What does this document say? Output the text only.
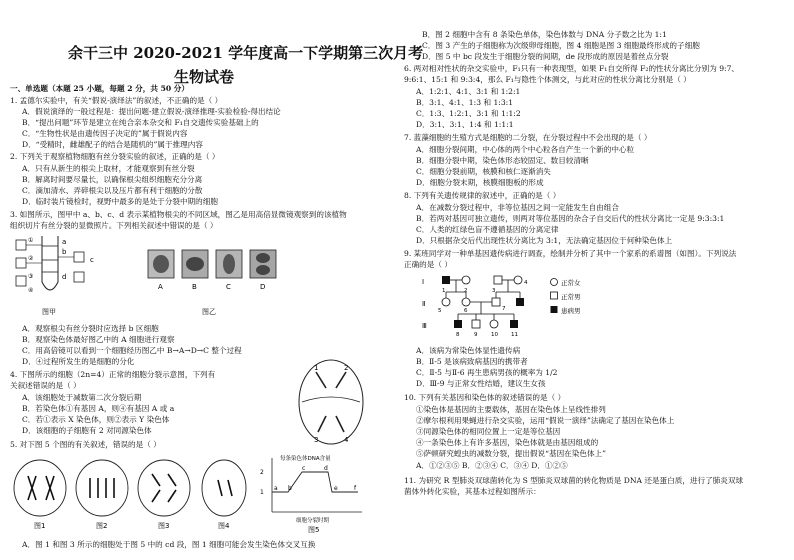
余干三中 2020-2021 学年度高一下学期第三次月考
生物试卷
一、单选题（本题 25 小题，每题 2 分，共 50 分）
1. 孟德尔实验中，有关“假说-演绎法”的叙述，不正确的是（ ）
A．假说演绎的一般过程是：提出问题-建立假说-演绎推理-实验检验-得出结论
B．“提出问题”环节是建立在纯合亲本杂交和 F₁自交遗传实验基础上的
C．“生物性状是由遗传因子决定的”属于假说内容
D．“受精时，雌雄配子的结合是随机的”属于推理内容
2. 下列关于观察植物细胞有丝分裂实验的叙述，正确的是（ ）
A．只有从新生的根尖上取材，才能观察到有丝分裂
B．解离时间要尽量长，以确保根尖组织细胞充分分离
C．滴加清水、弄碎根尖以及压片都有利于细胞的分散
D．临时装片镜检时，视野中最多的是处于分裂中期的细胞
3. 如图所示，图甲中 a、b、c、d 表示某植物根尖的不同区域，图乙是用高倍显微镜观察到的该植物
组织切片有丝分裂的显微照片。下列相关叙述中错误的是（ ）
a
b
c
d
①
②
③
④
图甲
A	B	C	D
图乙
A．观察根尖有丝分裂时应选择 b 区细胞
B．观察染色体最好图乙中的 A 细胞进行观察
C．用高倍镜可以看到一个细胞经历图乙中 B→A→D→C 整个过程
D．④过程所发生的是细胞的分化
4. 下图所示的细胞（2n=4）正常的细胞分裂示意图，下列有
关叙述错误的是（ ）
A．该细胞处于减数第二次分裂后期
B．若染色体①有基因 A，则④有基因 A 或 a
C．若①表示 X 染色体，则②表示 Y 染色体
D．该细胞的子细胞有 2 对同源染色体
1	2
3	4
5. 对下图 5 个图的有关叙述，错误的是（ ）
图1	图2	图3	图4
1
2
a b
c	d
e	f
每条染色体DNA含量
细胞分裂时期
图5
A．图 1 和图 3 所示的细胞处于图 5 中的 cd 段，图 1 细胞可能会发生染色体交叉互换
B．图 2 细胞中含有 8 条染色单体，染色体数与 DNA 分子数之比为 1:1
C．图 3 产生的子细胞称为次级卵母细胞，图 4 细胞是图 3 细胞最终形成的子细胞
D．图 5 中 bc 段发生于细胞分裂的间期，de 段形成的原因是着丝点分裂
6. 两对相对性状的杂交实验中，F₁只有一种表现型，如果 F₁自交所得 F₂的性状分离比分别为 9:7、
9:6:1、15:1 和 9:3:4，那么 F₁与隐性个体测交，与此对应的性状分离比分别是（ ）
A．1:2:1、4:1、3:1 和 1:2:1
B．3:1、4:1、1:3 和 1:3:1
C．1:3、1:2:1、3:1 和 1:1:2
D．3:1、3:1、1:4 和 1:1:1
7. 蓝藻细胞的生殖方式是细胞的二分裂，在分裂过程中不会出现的是（ ）
A．细胞分裂间期，中心体的两个中心粒各自产生一个新的中心粒
B．细胞分裂中期，染色体形态较固定、数目较清晰
C．细胞分裂前期，核膜和核仁逐渐消失
D．细胞分裂末期，核膜细胞板的形成
8. 下列有关遗传规律的叙述中，正确的是（ ）
A．在减数分裂过程中，非等位基因之间一定能发生自由组合
B．若两对基因可独立遗传，则两对等位基因的杂合子自交后代的性状分离比一定是 9:3:3:1
C．人类的红绿色盲不遵循基因的分离定律
D．只根据杂交后代出现性状分离比为 3:1，无法确定基因位于何种染色体上
9. 某班同学对一种单基因遗传病进行调查，绘制并分析了其中一个家系的系谱图（如图）。下列说法
正确的是（ ）
Ⅰ
Ⅱ
Ⅲ
1	2	3
4
5	6	7
8	9 10 11
正常女
正常男
患病男
A．该病为常染色体显性遗传病
B．Ⅱ-5 是该病致病基因的携带者
C．Ⅱ-5 与Ⅱ-6 再生患病男孩的概率为 1/2
D．Ⅲ-9 与正常女性结婚，建议生女孩
10. 下列有关基因和染色体的叙述错误的是（ ）
①染色体是基因的主要载体，基因在染色体上呈线性排列
②摩尔根利用果蝇进行杂交实验，运用“假说一演绎”法确定了基因在染色体上
③同源染色体的相同位置上一定是等位基因
④一条染色体上有许多基因，染色体就是由基因组成的
⑤萨顿研究蝗虫的减数分裂，提出假说“基因在染色体上”
A．①②③⑤ B．②③④ C．③④ D．①②⑤
11. 为研究 R 型肺炎双球菌转化为 S 型肺炎双球菌的转化物质是 DNA 还是蛋白质，进行了肺炎双球
菌体外转化实验，其基本过程如图所示：
